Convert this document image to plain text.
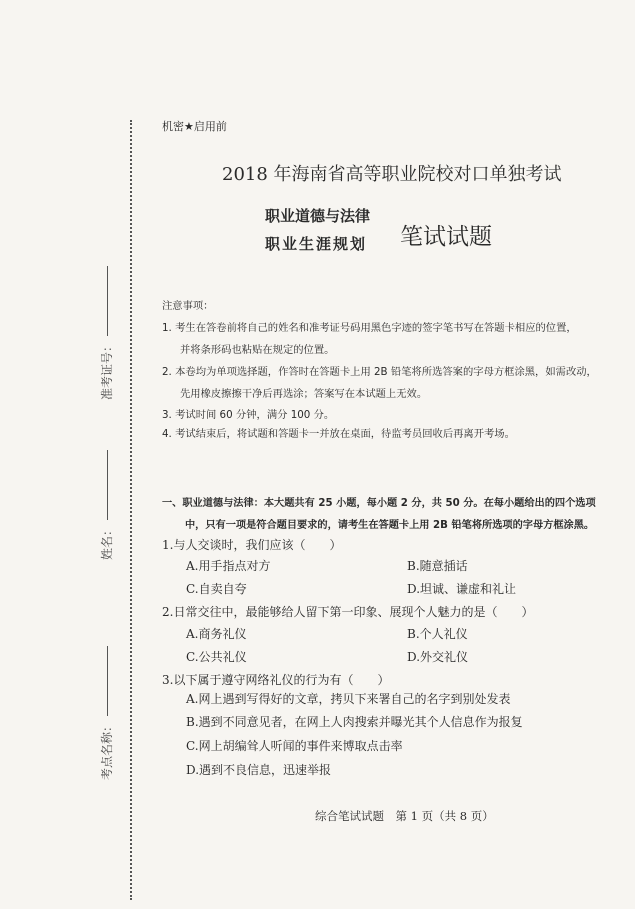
准考证号：
姓名：
考点名称：
机密★启用前
2018 年海南省高等职业院校对口单独考试
职业道德与法律
职业生涯规划 笔试试题
注意事项：
1. 考生在答卷前将自己的姓名和准考证号码用黑色字迹的签字笔书写在答题卡相应的位置，
并将条形码也粘贴在规定的位置。
2. 本卷均为单项选择题，作答时在答题卡上用 2B 铅笔将所选答案的字母方框涂黑，如需改动，
先用橡皮擦擦干净后再选涂；答案写在本试题上无效。
3. 考试时间 60 分钟，满分 100 分。
4. 考试结束后，将试题和答题卡一并放在桌面，待监考员回收后再离开考场。
一、职业道德与法律：本大题共有 25 小题，每小题 2 分，共 50 分。在每小题给出的四个选项
中，只有一项是符合题目要求的，请考生在答题卡上用 2B 铅笔将所选项的字母方框涂黑。
1.与人交谈时，我们应该（　　）
A.用手指点对方	B.随意插话
C.自卖自夸	D.坦诚、谦虚和礼让
2.日常交往中，最能够给人留下第一印象、展现个人魅力的是（　　）
A.商务礼仪	B.个人礼仪
C.公共礼仪	D.外交礼仪
3.以下属于遵守网络礼仪的行为有（　　）
A.网上遇到写得好的文章，拷贝下来署自己的名字到别处发表
B.遇到不同意见者，在网上人肉搜索并曝光其个人信息作为报复
C.网上胡编耸人听闻的事件来博取点击率
D.遇到不良信息，迅速举报
综合笔试试题　第 1 页（共 8 页）
